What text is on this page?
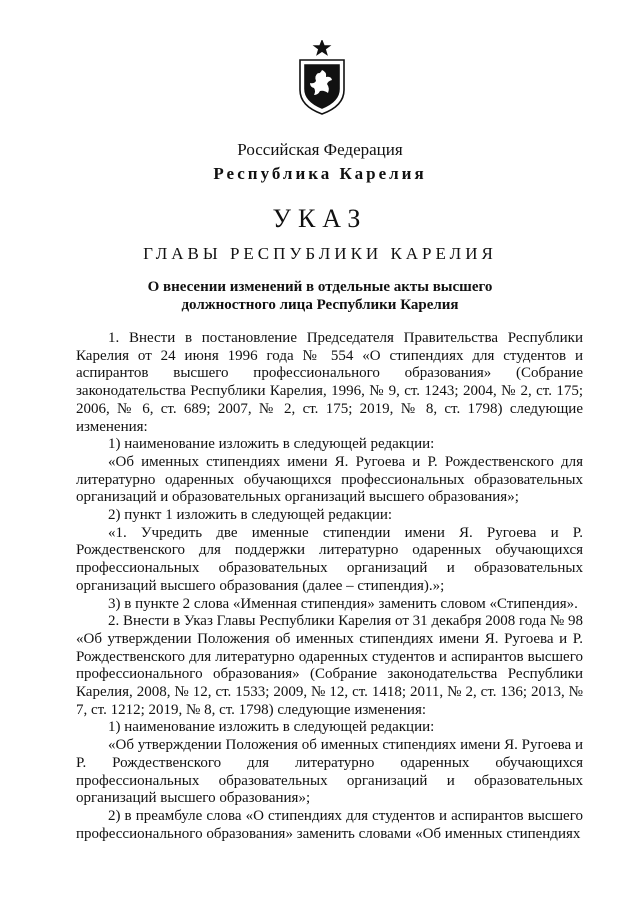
Российская Федерация
Республика Карелия
УКАЗ
ГЛАВЫ РЕСПУБЛИКИ КАРЕЛИЯ
О внесении изменений в отдельные акты высшего
должностного лица Республики Карелия

1. Внести в постановление Председателя Правительства Республики Карелия от 24 июня 1996 года № 554 «О стипендиях для студентов и аспирантов высшего профессионального образования» (Собрание законодательства Республики Карелия, 1996, № 9, ст. 1243; 2004, № 2, ст. 175; 2006, № 6, ст. 689; 2007, № 2, ст. 175; 2019, № 8, ст. 1798) следующие изменения:

1) наименование изложить в следующей редакции:

«Об именных стипендиях имени Я. Ругоева и Р. Рождественского для литературно одаренных обучающихся профессиональных образовательных организаций и образовательных организаций высшего образования»;

2) пункт 1 изложить в следующей редакции:

«1. Учредить две именные стипендии имени Я. Ругоева и Р. Рождественского для поддержки литературно одаренных обучающихся профессиональных образовательных организаций и образовательных организаций высшего образования (далее – стипендия).»;

3) в пункте 2 слова «Именная стипендия» заменить словом «Стипендия».

2. Внести в Указ Главы Республики Карелия от 31 декабря 2008 года № 98 «Об утверждении Положения об именных стипендиях имени Я. Ругоева и Р. Рождественского для литературно одаренных студентов и аспирантов высшего профессионального образования» (Собрание законодательства Республики Карелия, 2008, № 12, ст. 1533; 2009, № 12, ст. 1418; 2011, № 2, ст. 136; 2013, № 7, ст. 1212; 2019, № 8, ст. 1798) следующие изменения:

1) наименование изложить в следующей редакции:

«Об утверждении Положения об именных стипендиях имени Я. Ругоева и Р. Рождественского для литературно одаренных обучающихся профессиональных образовательных организаций и образовательных организаций высшего образования»;

2) в преамбуле слова «О стипендиях для студентов и аспирантов высшего профессионального образования» заменить словами «Об именных стипендиях
